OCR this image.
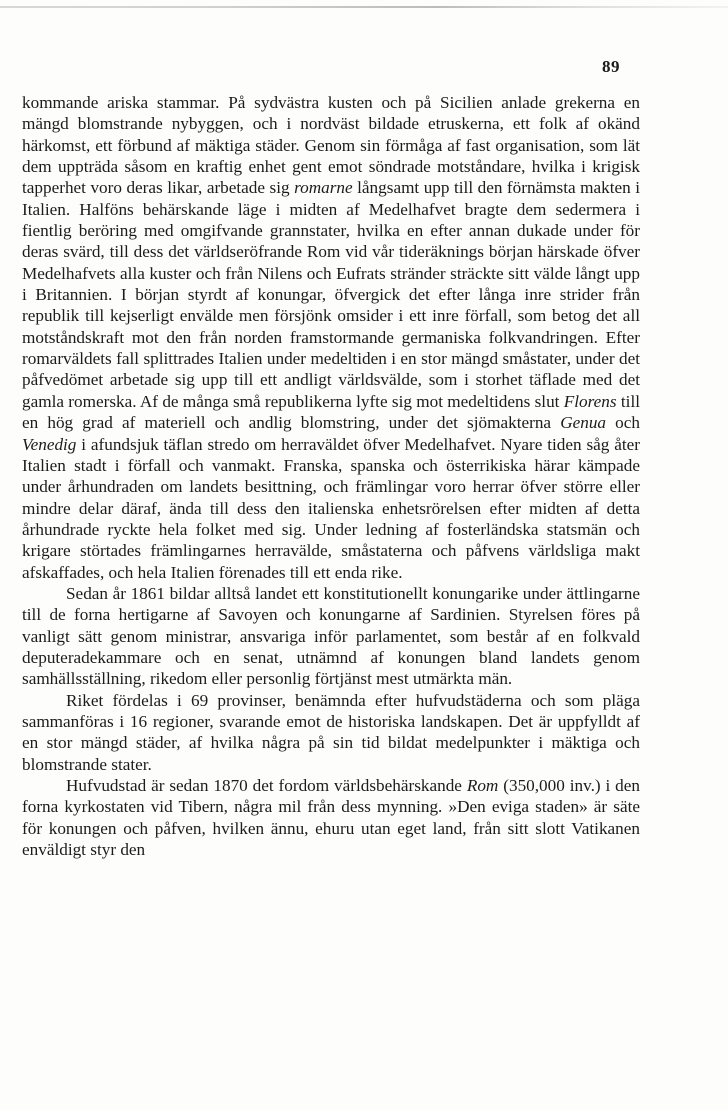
89

kommande ariska stammar. På sydvästra kusten och på Sicilien anlade grekerna en mängd blomstrande nybyggen, och i nordväst bildade etruskerna, ett folk af okänd härkomst, ett förbund af mäktiga städer. Genom sin förmåga af fast organisation, som lät dem uppträda såsom en kraftig enhet gent emot söndrade motståndare, hvilka i krigisk tapperhet voro deras likar, arbetade sig romarne långsamt upp till den förnämsta makten i Italien. Halföns behärskande läge i midten af Medelhafvet bragte dem sedermera i fientlig beröring med omgifvande grannstater, hvilka en efter annan dukade under för deras svärd, till dess det världseröfrande Rom vid vår tideräknings början härskade öfver Medelhafvets alla kuster och från Nilens och Eufrats stränder sträckte sitt välde långt upp i Britannien. I början styrdt af konungar, öfvergick det efter långa inre strider från republik till kejserligt envälde men försjönk omsider i ett inre förfall, som betog det all motståndskraft mot den från norden framstormande germaniska folkvandringen. Efter romarväldets fall splittrades Italien under medeltiden i en stor mängd småstater, under det påfvedömet arbetade sig upp till ett andligt världsvälde, som i storhet täflade med det gamla romerska. Af de många små republikerna lyfte sig mot medeltidens slut Florens till en hög grad af materiell och andlig blomstring, under det sjömakterna Genua och Venedig i afundsjuk täflan stredo om herraväldet öfver Medelhafvet. Nyare tiden såg åter Italien stadt i förfall och vanmakt. Franska, spanska och österrikiska härar kämpade under århundraden om landets besittning, och främlingar voro herrar öfver större eller mindre delar däraf, ända till dess den italienska enhetsrörelsen efter midten af detta århundrade ryckte hela folket med sig. Under ledning af fosterländska statsmän och krigare störtades främlingarnes herravälde, småstaterna och påfvens världsliga makt afskaffades, och hela Italien förenades till ett enda rike.

Sedan år 1861 bildar alltså landet ett konstitutionellt konungarike under ättlingarne till de forna hertigarne af Savoyen och konungarne af Sardinien. Styrelsen föres på vanligt sätt genom ministrar, ansvariga inför parlamentet, som består af en folkvald deputeradekammare och en senat, utnämnd af konungen bland landets genom samhällsställning, rikedom eller personlig förtjänst mest utmärkta män.

Riket fördelas i 69 provinser, benämnda efter hufvudstäderna och som pläga sammanföras i 16 regioner, svarande emot de historiska landskapen. Det är uppfylldt af en stor mängd städer, af hvilka några på sin tid bildat medelpunkter i mäktiga och blomstrande stater.

Hufvudstad är sedan 1870 det fordom världsbehärskande Rom (350,000 inv.) i den forna kyrkostaten vid Tibern, några mil från dess mynning. »Den eviga staden» är säte för konungen och påfven, hvilken ännu, ehuru utan eget land, från sitt slott Vatikanen enväldigt styr den
